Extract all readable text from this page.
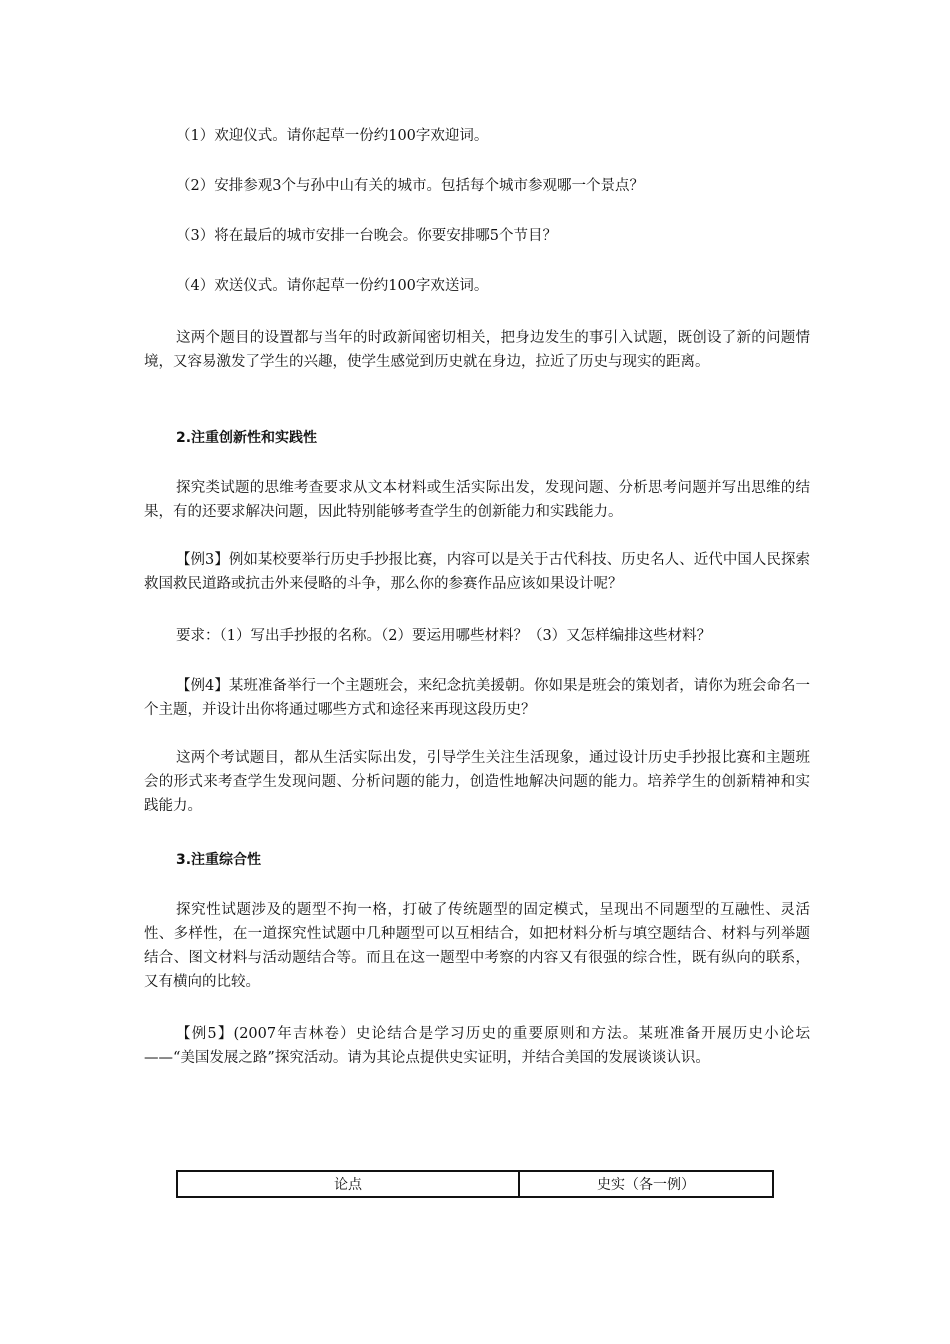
（1）欢迎仪式。请你起草一份约100字欢迎词。
（2）安排参观3个与孙中山有关的城市。包括每个城市参观哪一个景点？
（3）将在最后的城市安排一台晚会。你要安排哪5个节目？
（4）欢送仪式。请你起草一份约100字欢送词。
这两个题目的设置都与当年的时政新闻密切相关，把身边发生的事引入试题，既创设了新的问题情境，又容易激发了学生的兴趣，使学生感觉到历史就在身边，拉近了历史与现实的距离。
2.注重创新性和实践性
探究类试题的思维考查要求从文本材料或生活实际出发，发现问题、分析思考问题并写出思维的结果，有的还要求解决问题，因此特别能够考查学生的创新能力和实践能力。
【例3】例如某校要举行历史手抄报比赛，内容可以是关于古代科技、历史名人、近代中国人民探索救国救民道路或抗击外来侵略的斗争，那么你的参赛作品应该如果设计呢？
要求：（1）写出手抄报的名称。（2）要运用哪些材料？（3）又怎样编排这些材料？
【例4】某班准备举行一个主题班会，来纪念抗美援朝。你如果是班会的策划者，请你为班会命名一个主题，并设计出你将通过哪些方式和途径来再现这段历史？
这两个考试题目，都从生活实际出发，引导学生关注生活现象，通过设计历史手抄报比赛和主题班会的形式来考查学生发现问题、分析问题的能力，创造性地解决问题的能力。培养学生的创新精神和实践能力。
3.注重综合性
探究性试题涉及的题型不拘一格，打破了传统题型的固定模式，呈现出不同题型的互融性、灵活性、多样性，在一道探究性试题中几种题型可以互相结合，如把材料分析与填空题结合、材料与列举题结合、图文材料与活动题结合等。而且在这一题型中考察的内容又有很强的综合性，既有纵向的联系，又有横向的比较。
【例5】(2007年吉林卷）史论结合是学习历史的重要原则和方法。某班准备开展历史小论坛——“美国发展之路”探究活动。请为其论点提供史实证明，并结合美国的发展谈谈认识。
论点	史实（各一例）
